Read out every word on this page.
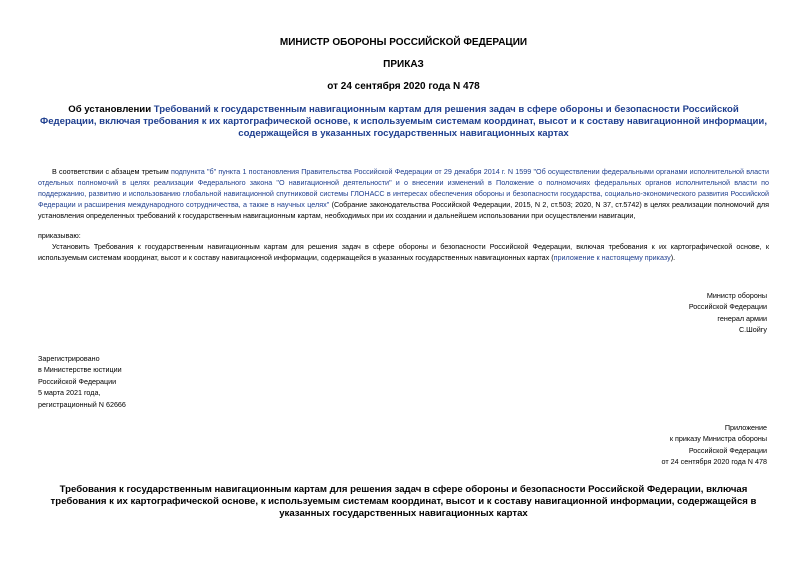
МИНИСТР ОБОРОНЫ РОССИЙСКОЙ ФЕДЕРАЦИИ
ПРИКАЗ
от 24 сентября 2020 года N 478
Об установлении Требований к государственным навигационным картам для решения задач в сфере обороны и безопасности Российской Федерации, включая требования к их картографической основе, к используемым системам координат, высот и к составу навигационной информации, содержащейся в указанных государственных навигационных картах
В соответствии с абзацем третьим подпункта "б" пункта 1 постановления Правительства Российской Федерации от 29 декабря 2014 г. N 1599 "Об осуществлении федеральными органами исполнительной власти отдельных полномочий в целях реализации Федерального закона "О навигационной деятельности" и о внесении изменений в Положение о полномочиях федеральных органов исполнительной власти по поддержанию, развитию и использованию глобальной навигационной спутниковой системы ГЛОНАСС в интересах обеспечения обороны и безопасности государства, социально-экономического развития Российской Федерации и расширения международного сотрудничества, а также в научных целях" (Собрание законодательства Российской Федерации, 2015, N 2, ст.503; 2020, N 37, ст.5742) в целях реализации полномочий для установления определенных требований к государственным навигационным картам, необходимых при их создании и дальнейшем использовании при осуществлении навигации,
приказываю:
Установить Требования к государственным навигационным картам для решения задач в сфере обороны и безопасности Российской Федерации, включая требования к их картографической основе, к используемым системам координат, высот и к составу навигационной информации, содержащейся в указанных государственных навигационных картах (приложение к настоящему приказу).
Министр обороны
Российской Федерации
генерал армии
С.Шойгу
Зарегистрировано
в Министерстве юстиции
Российской Федерации
5 марта 2021 года,
регистрационный N 62666
Приложение
к приказу Министра обороны
Российской Федерации
от 24 сентября 2020 года N 478
Требования к государственным навигационным картам для решения задач в сфере обороны и безопасности Российской Федерации, включая требования к их картографической основе, к используемым системам координат, высот и к составу навигационной информации, содержащейся в указанных государственных навигационных картах
